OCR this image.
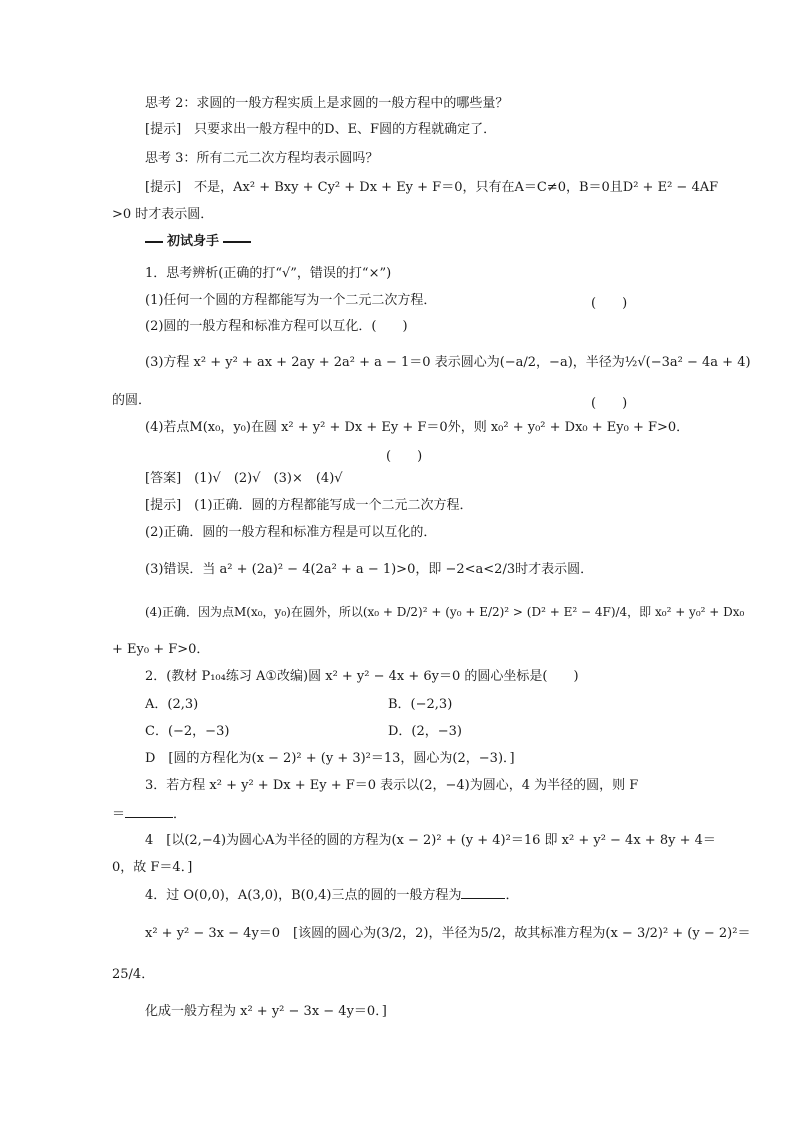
思考 2：求圆的一般方程实质上是求圆的一般方程中的哪些量？
[提示]　只要求出一般方程中的D、E、F圆的方程就确定了．
思考 3：所有二元二次方程均表示圆吗？
[提示]　不是，Ax² + Bxy + Cy² + Dx + Ey + F＝0，只有在A＝C≠0，B＝0且D² + E² − 4AF
>0 时才表示圆．
初试身手
1．思考辨析(正确的打“√”，错误的打“×”)
(1)任何一个圆的方程都能写为一个二元二次方程．	(　　)
(2)圆的一般方程和标准方程可以互化．(　　)
(3)方程 x² + y² + ax + 2ay + 2a² + a − 1＝0 表示圆心为(−a/2，−a)，半径为½√(−3a² − 4a + 4)
的圆．	(　　)
(4)若点M(x₀，y₀)在圆 x² + y² + Dx + Ey + F＝0外，则 x₀² + y₀² + Dx₀ + Ey₀ + F>0．
(　　)
[答案]　(1)√　(2)√　(3)×　(4)√
[提示]　(1)正确．圆的方程都能写成一个二元二次方程．
(2)正确．圆的一般方程和标准方程是可以互化的．
(3)错误．当 a² + (2a)² − 4(2a² + a − 1)>0，即 −2<a<2/3时才表示圆．
(4)正确．因为点M(x₀，y₀)在圆外，所以(x₀ + D/2)² + (y₀ + E/2)² > (D² + E² − 4F)/4，即 x₀² + y₀² + Dx₀
+ Ey₀ + F>0．
2．(教材 P₁₀₄练习 A①改编)圆 x² + y² − 4x + 6y＝0 的圆心坐标是(　　)
A．(2,3)	B．(−2,3)
C．(−2，−3)	D．(2，−3)
D　[圆的方程化为(x − 2)² + (y + 3)²＝13，圆心为(2，−3)．]
3．若方程 x² + y² + Dx + Ey + F＝0 表示以(2，−4)为圆心，4 为半径的圆，则 F
＝	．
4　[以(2,−4)为圆心A为半径的圆的方程为(x − 2)² + (y + 4)²＝16 即 x² + y² − 4x + 8y + 4＝
0，故 F＝4．]
4．过 O(0,0)，A(3,0)，B(0,4)三点的圆的一般方程为	．
x² + y² − 3x − 4y＝0　[该圆的圆心为(3/2，2)，半径为5/2，故其标准方程为(x − 3/2)² + (y − 2)²＝
25/4．
化成一般方程为 x² + y² − 3x − 4y＝0．]
